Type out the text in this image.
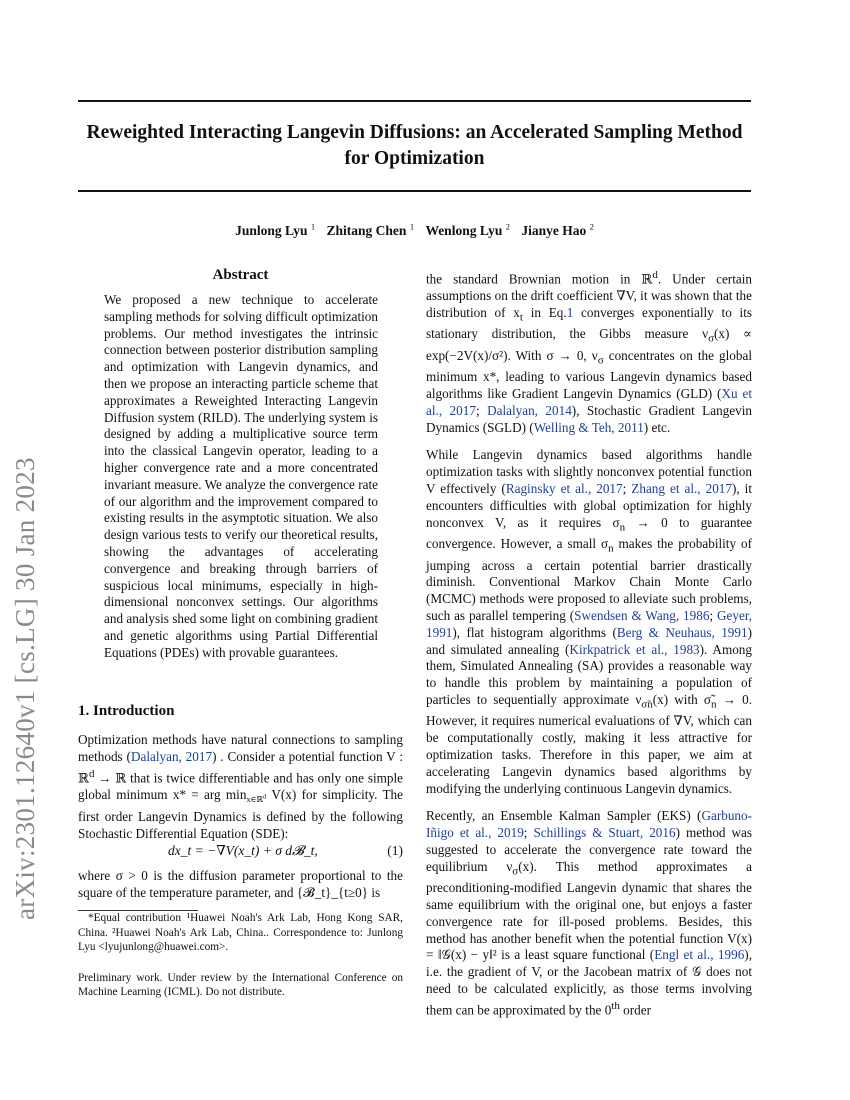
arXiv:2301.12640v1 [cs.LG] 30 Jan 2023
Reweighted Interacting Langevin Diffusions: an Accelerated Sampling Method for Optimization
Junlong Lyu $^1$ Zhitang Chen $^1$ Wenlong Lyu $^2$ Jianye Hao $^2$
Abstract
We proposed a new technique to accelerate sampling methods for solving difficult optimization problems. Our method investigates the intrinsic connection between posterior distribution sampling and optimization with Langevin dynamics, and then we propose an interacting particle scheme that approximates a Reweighted Interacting Langevin Diffusion system (RILD). The underlying system is designed by adding a multiplicative source term into the classical Langevin operator, leading to a higher convergence rate and a more concentrated invariant measure. We analyze the convergence rate of our algorithm and the improvement compared to existing results in the asymptotic situation. We also design various tests to verify our theoretical results, showing the advantages of accelerating convergence and breaking through barriers of suspicious local minimums, especially in high-dimensional nonconvex settings. Our algorithms and analysis shed some light on combining gradient and genetic algorithms using Partial Differential Equations (PDEs) with provable guarantees.
1. Introduction
Optimization methods have natural connections to sampling methods (Dalalyan, 2017) . Consider a potential function V : ℝ$^d$ → ℝ that is twice differentiable and has only one simple global minimum x* = arg $\min_{x\in ℝ^d} V(x)$ for simplicity. The first order Langevin Dynamics is defined by the following Stochastic Differential Equation (SDE):
dx_t = −∇V(x_t) + σ d𝓑_t,	(1)
where σ > 0 is the diffusion parameter proportional to the square of the temperature parameter, and {𝓑_t}_{t≥0} is

*Equal contribution ¹Huawei Noah's Ark Lab, Hong Kong SAR, China. ²Huawei Noah's Ark Lab, China.. Correspondence to: Junlong Lyu <lyujunlong@huawei.com>.

Preliminary work. Under review by the International Conference on Machine Learning (ICML). Do not distribute.

the standard Brownian motion in ℝ$^d$. Under certain assumptions on the drift coefficient ∇V, it was shown that the distribution of $x_t$ in Eq.1 converges exponentially to its stationary distribution, the Gibbs measure $\nu_\sigma(x) \propto \exp(-2V(x)/\sigma^2)$. With σ → 0, $\nu_\sigma$ concentrates on the global minimum x*, leading to various Langevin dynamics based algorithms like Gradient Langevin Dynamics (GLD) (Xu et al., 2017; Dalalyan, 2014), Stochastic Gradient Langevin Dynamics (SGLD) (Welling & Teh, 2011) etc.

While Langevin dynamics based algorithms handle optimization tasks with slightly nonconvex potential function V effectively (Raginsky et al., 2017; Zhang et al., 2017), it encounters difficulties with global optimization for highly nonconvex V, as it requires $\sigma_n \to 0$ to guarantee convergence. However, a small $\sigma_n$ makes the probability of jumping across a certain potential barrier drastically diminish. Conventional Markov Chain Monte Carlo (MCMC) methods were proposed to alleviate such problems, such as parallel tempering (Swendsen & Wang, 1986; Geyer, 1991), flat histogram algorithms (Berg & Neuhaus, 1991) and simulated annealing (Kirkpatrick et al., 1983). Among them, Simulated Annealing (SA) provides a reasonable way to handle this problem by maintaining a population of particles to sequentially approximate $\nu_{\sigmãn}(x)$ with $\sigmã_n \to 0$. However, it requires numerical evaluations of ∇V, which can be computationally costly, making it less attractive for optimization tasks. Therefore in this paper, we aim at accelerating Langevin dynamics based algorithms by modifying the underlying continuous Langevin dynamics.

Recently, an Ensemble Kalman Sampler (EKS) (Garbuno-Iñigo et al., 2019; Schillings & Stuart, 2016) method was suggested to accelerate the convergence rate toward the equilibrium $\nu_\sigma(x)$. This method approximates a preconditioning-modified Langevin dynamic that shares the same equilibrium with the original one, but enjoys a faster convergence rate for ill-posed problems. Besides, this method has another benefit when the potential function V(x) = ‖𝒢(x) − y‖² is a least square functional (Engl et al., 1996), i.e. the gradient of V, or the Jacobean matrix of 𝒢 does not need to be calculated explicitly, as those terms involving them can be approximated by the 0th order
